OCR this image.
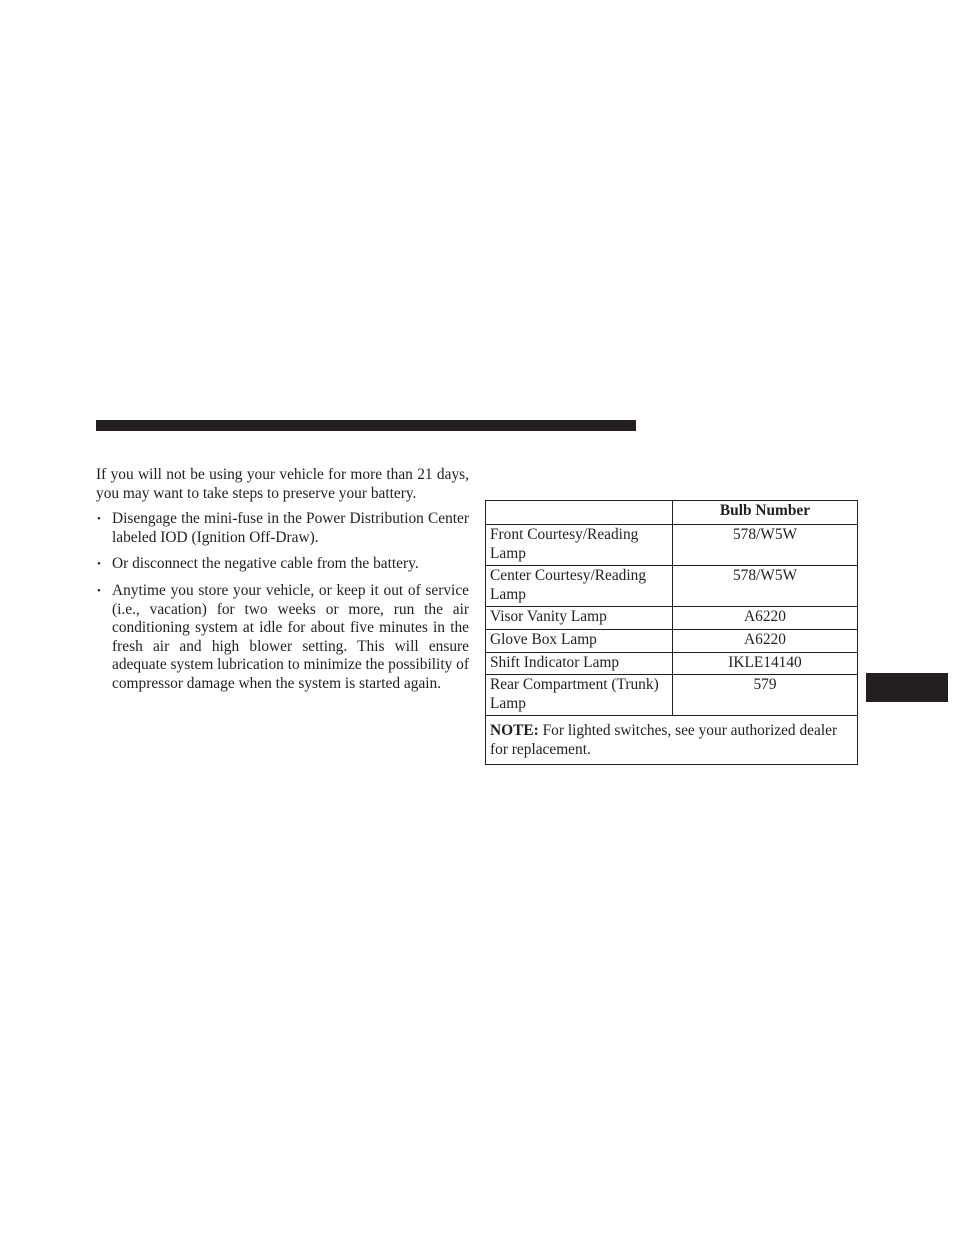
If you will not be using your vehicle for more than 21 days, you may want to take steps to preserve your battery.

• Disengage the mini-fuse in the Power Distribution Center labeled IOD (Ignition Off-Draw).
• Or disconnect the negative cable from the battery.
• Anytime you store your vehicle, or keep it out of service (i.e., vacation) for two weeks or more, run the air conditioning system at idle for about five minutes in the fresh air and high blower setting. This will ensure adequate system lubrication to minimize the possibility of compressor damage when the system is started again.
	Bulb Number
Front Courtesy/Reading Lamp	578/W5W
Center Courtesy/Reading Lamp	578/W5W
Visor Vanity Lamp	A6220
Glove Box Lamp	A6220
Shift Indicator Lamp	IKLE14140
Rear Compartment (Trunk) Lamp	579
NOTE: For lighted switches, see your authorized dealer for replacement.	
